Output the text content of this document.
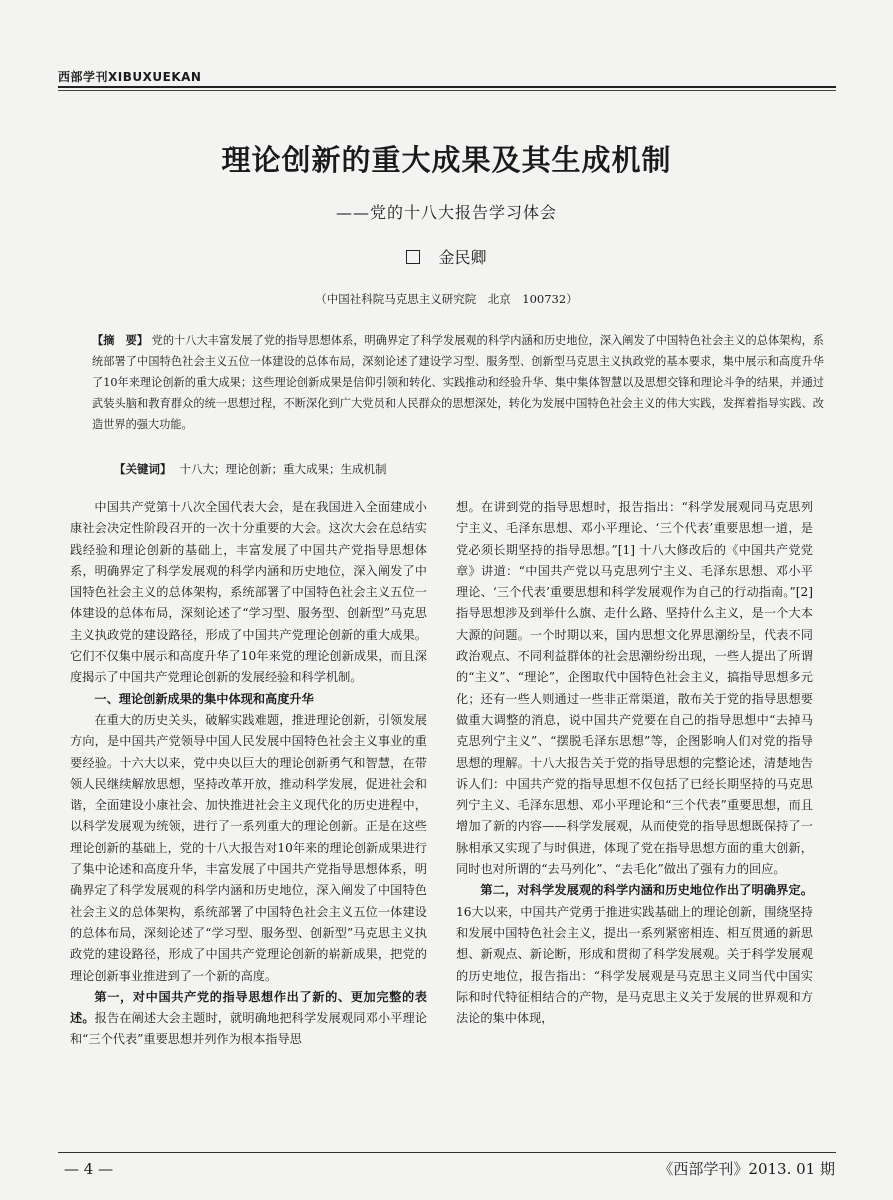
西部学刊XIBUXUEKAN
理论创新的重大成果及其生成机制
——党的十八大报告学习体会
金民卿
（中国社科院马克思主义研究院　北京　100732）
【摘　要】 党的十八大丰富发展了党的指导思想体系，明确界定了科学发展观的科学内涵和历史地位，深入阐发了中国特色社会主义的总体架构，系统部署了中国特色社会主义五位一体建设的总体布局，深刻论述了建设学习型、服务型、创新型马克思主义执政党的基本要求，集中展示和高度升华了10年来理论创新的重大成果；这些理论创新成果是信仰引领和转化、实践推动和经验升华、集中集体智慧以及思想交锋和理论斗争的结果，并通过武装头脑和教育群众的统一思想过程，不断深化到广大党员和人民群众的思想深处，转化为发展中国特色社会主义的伟大实践，发挥着指导实践、改造世界的强大功能。
【关键词】 十八大；理论创新；重大成果；生成机制

中国共产党第十八次全国代表大会，是在我国进入全面建成小康社会决定性阶段召开的一次十分重要的大会。这次大会在总结实践经验和理论创新的基础上，丰富发展了中国共产党指导思想体系，明确界定了科学发展观的科学内涵和历史地位，深入阐发了中国特色社会主义的总体架构，系统部署了中国特色社会主义五位一体建设的总体布局，深刻论述了“学习型、服务型、创新型”马克思主义执政党的建设路径，形成了中国共产党理论创新的重大成果。它们不仅集中展示和高度升华了10年来党的理论创新成果，而且深度揭示了中国共产党理论创新的发展经验和科学机制。

一、理论创新成果的集中体现和高度升华

在重大的历史关头，破解实践难题，推进理论创新，引领发展方向，是中国共产党领导中国人民发展中国特色社会主义事业的重要经验。十六大以来，党中央以巨大的理论创新勇气和智慧，在带领人民继续解放思想，坚持改革开放，推动科学发展，促进社会和谐，全面建设小康社会、加快推进社会主义现代化的历史进程中，以科学发展观为统领，进行了一系列重大的理论创新。正是在这些理论创新的基础上，党的十八大报告对10年来的理论创新成果进行了集中论述和高度升华，丰富发展了中国共产党指导思想体系，明确界定了科学发展观的科学内涵和历史地位，深入阐发了中国特色社会主义的总体架构，系统部署了中国特色社会主义五位一体建设的总体布局，深刻论述了“学习型、服务型、创新型”马克思主义执政党的建设路径，形成了中国共产党理论创新的崭新成果，把党的理论创新事业推进到了一个新的高度。

第一，对中国共产党的指导思想作出了新的、更加完整的表述。报告在阐述大会主题时，就明确地把科学发展观同邓小平理论和“三个代表”重要思想并列作为根本指导思

想。在讲到党的指导思想时，报告指出：“科学发展观同马克思列宁主义、毛泽东思想、邓小平理论、‘三个代表’重要思想一道，是党必须长期坚持的指导思想。”[1] 十八大修改后的《中国共产党党章》讲道：“中国共产党以马克思列宁主义、毛泽东思想、邓小平理论、‘三个代表’重要思想和科学发展观作为自己的行动指南。”[2] 指导思想涉及到举什么旗、走什么路、坚持什么主义，是一个大本大源的问题。一个时期以来，国内思想文化界思潮纷呈，代表不同政治观点、不同利益群体的社会思潮纷纷出现，一些人提出了所谓的“主义”、“理论”，企图取代中国特色社会主义，搞指导思想多元化；还有一些人则通过一些非正常渠道，散布关于党的指导思想要做重大调整的消息，说中国共产党要在自己的指导思想中“去掉马克思列宁主义”、“摆脱毛泽东思想”等，企图影响人们对党的指导思想的理解。十八大报告关于党的指导思想的完整论述，清楚地告诉人们：中国共产党的指导思想不仅包括了已经长期坚持的马克思列宁主义、毛泽东思想、邓小平理论和“三个代表”重要思想，而且增加了新的内容——科学发展观，从而使党的指导思想既保持了一脉相承又实现了与时俱进，体现了党在指导思想方面的重大创新，同时也对所谓的“去马列化”、“去毛化”做出了强有力的回应。

第二，对科学发展观的科学内涵和历史地位作出了明确界定。16大以来，中国共产党勇于推进实践基础上的理论创新，围绕坚持和发展中国特色社会主义，提出一系列紧密相连、相互贯通的新思想、新观点、新论断，形成和贯彻了科学发展观。关于科学发展观的历史地位，报告指出：“科学发展观是马克思主义同当代中国实际和时代特征相结合的产物，是马克思主义关于发展的世界观和方法论的集中体现，

— 4 —	《西部学刊》2013. 01 期
